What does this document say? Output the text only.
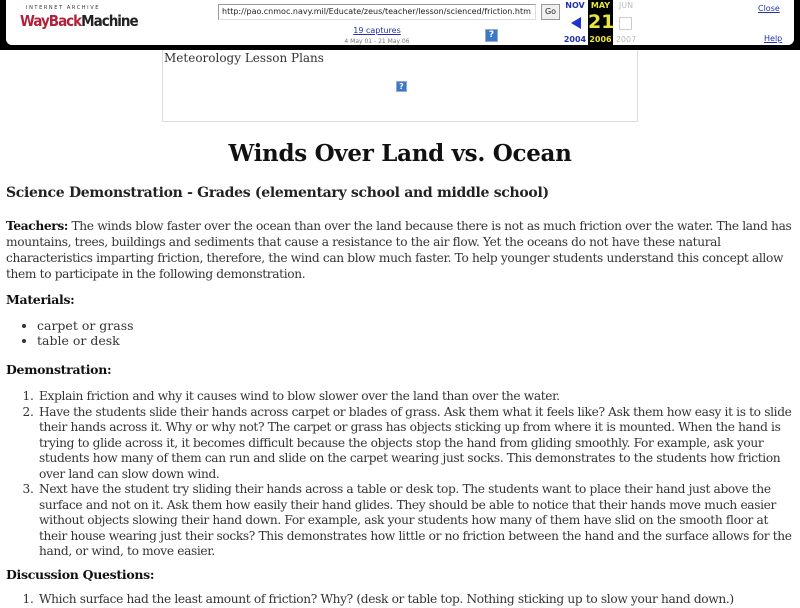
INTERNET ARCHIVE
WayBackMachine
http://pao.cnmoc.navy.mil/Educate/zeus/teacher/lesson/scienced/friction.htm	Go
19 captures
4 May 01 - 21 May 06
?
NOV
2004
MAY
21
2006
JUN
2007
Close
Help
Meteorology Lesson Plans
?
Winds Over Land vs. Ocean
Science Demonstration - Grades (elementary school and middle school)

Teachers: The winds blow faster over the ocean than over the land because there is not as much friction over the water. The land has mountains, trees, buildings and sediments that cause a resistance to the air flow. Yet the oceans do not have these natural characteristics imparting friction, therefore, the wind can blow much faster. To help younger students understand this concept allow them to participate in the following demonstration.

Materials:
• carpet or grass
• table or desk
Demonstration:
1. Explain friction and why it causes wind to blow slower over the land than over the water.
2. Have the students slide their hands across carpet or blades of grass. Ask them what it feels like? Ask them how easy it is to slide their hands across it. Why or why not? The carpet or grass has objects sticking up from where it is mounted. When the hand is trying to glide across it, it becomes difficult because the objects stop the hand from gliding smoothly. For example, ask your students how many of them can run and slide on the carpet wearing just socks. This demonstrates to the students how friction over land can slow down wind.
3. Next have the student try sliding their hands across a table or desk top. The students want to place their hand just above the surface and not on it. Ask them how easily their hand glides. They should be able to notice that their hands move much easier without objects slowing their hand down. For example, ask your students how many of them have slid on the smooth floor at their house wearing just their socks? This demonstrates how little or no friction between the hand and the surface allows for the hand, or wind, to move easier.
Discussion Questions:
1. Which surface had the least amount of friction? Why? (desk or table top. Nothing sticking up to slow your hand down.)
